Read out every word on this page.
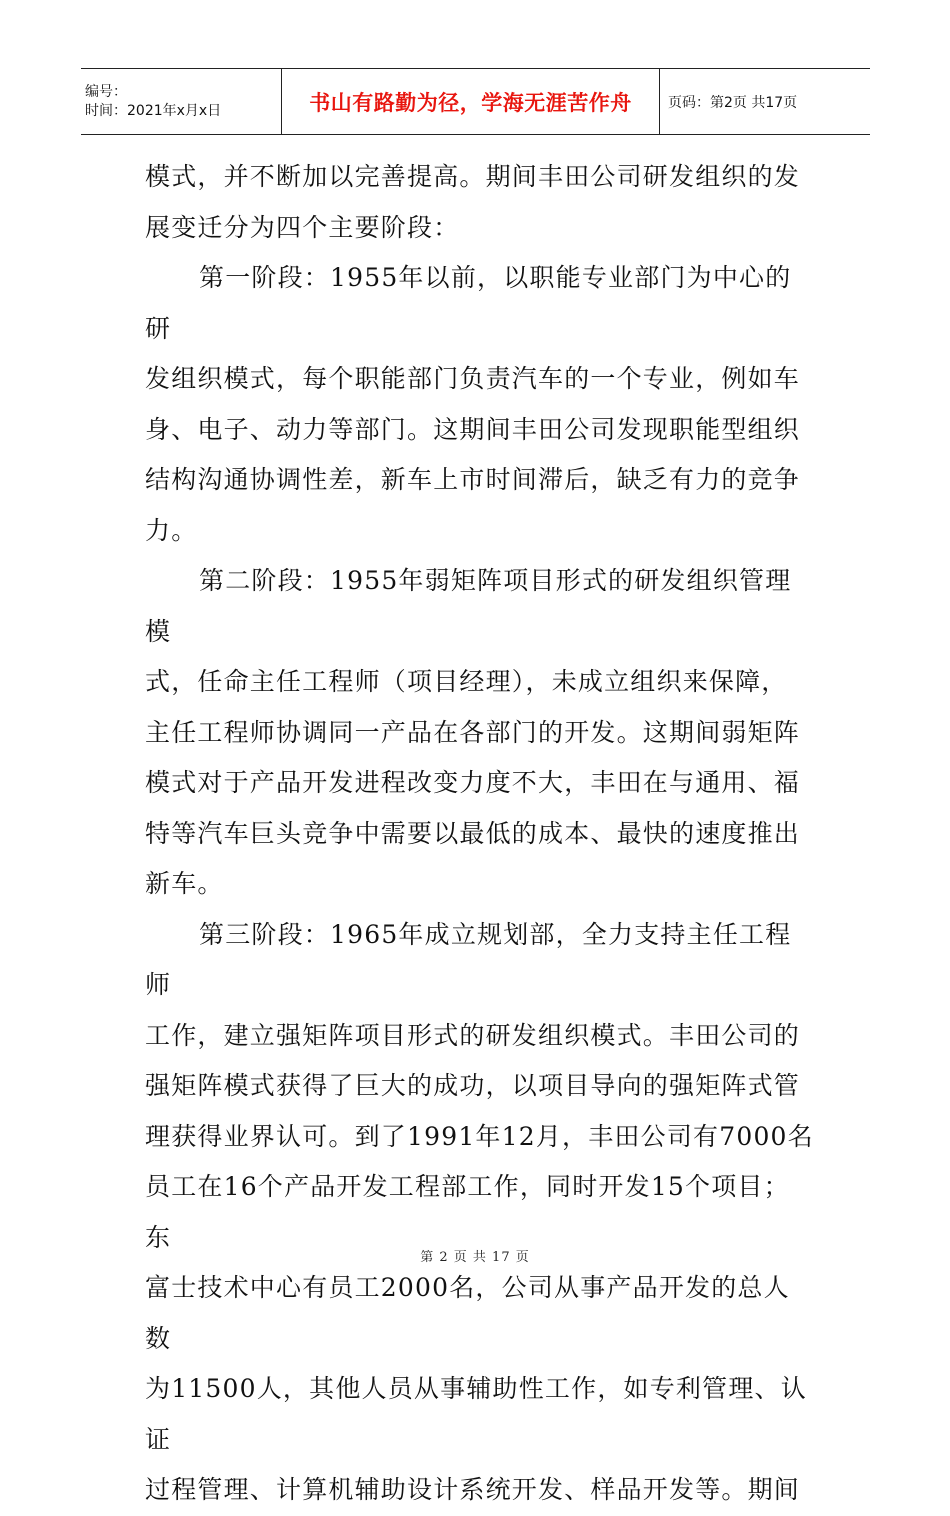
编号：
时间：2021年x月x日	书山有路勤为径，学海无涯苦作舟	页码：第2页 共17页

模式，并不断加以完善提高。期间丰田公司研发组织的发

展变迁分为四个主要阶段：

第一阶段：1955年以前，以职能专业部门为中心的研

发组织模式，每个职能部门负责汽车的一个专业，例如车

身、电子、动力等部门。这期间丰田公司发现职能型组织

结构沟通协调性差，新车上市时间滞后，缺乏有力的竞争

力。

第二阶段：1955年弱矩阵项目形式的研发组织管理模

式，任命主任工程师（项目经理），未成立组织来保障，

主任工程师协调同一产品在各部门的开发。这期间弱矩阵

模式对于产品开发进程改变力度不大，丰田在与通用、福

特等汽车巨头竞争中需要以最低的成本、最快的速度推出

新车。

第三阶段：1965年成立规划部，全力支持主任工程师

工作，建立强矩阵项目形式的研发组织模式。丰田公司的

强矩阵模式获得了巨大的成功，以项目导向的强矩阵式管

理获得业界认可。到了1991年12月，丰田公司有7000名

员工在16个产品开发工程部工作，同时开发15个项目；东

富士技术中心有员工2000名，公司从事产品开发的总人数

为11500人，其他人员从事辅助性工作，如专利管理、认证

过程管理、计算机辅助设计系统开发、样品开发等。期间

第 2 页 共 17 页
